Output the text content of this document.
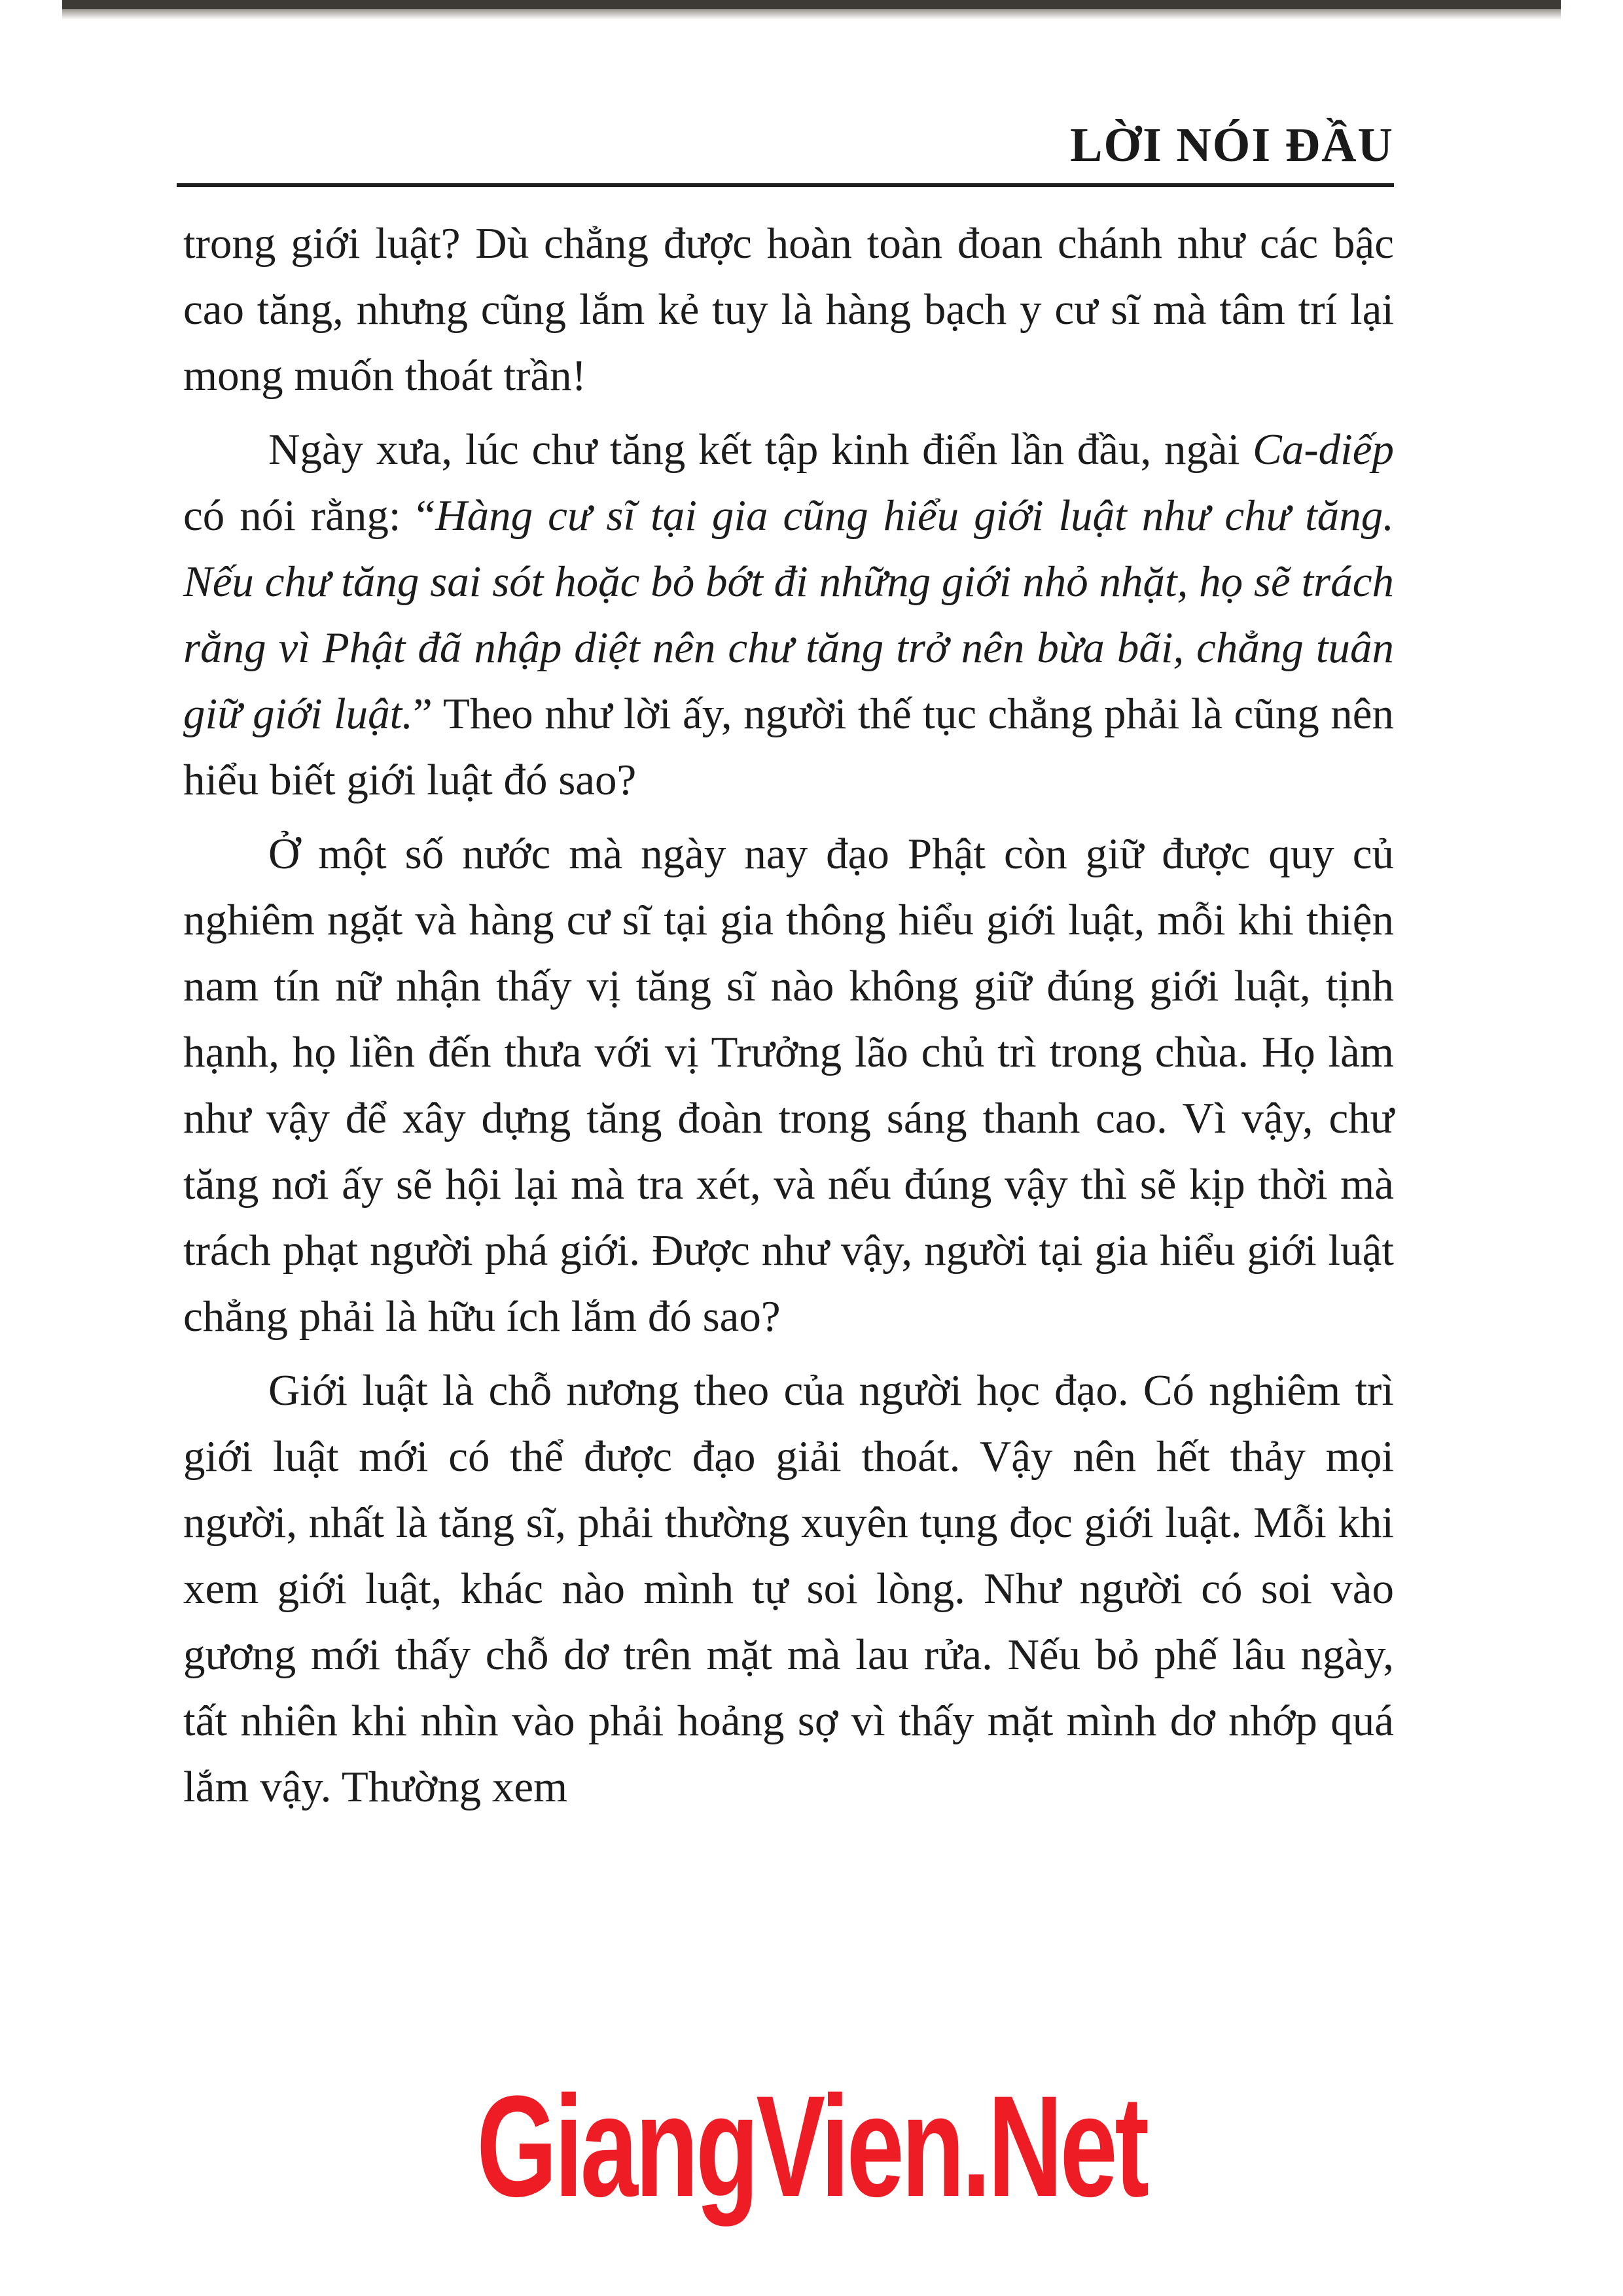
LỜI NÓI ĐẦU

trong giới luật? Dù chẳng được hoàn toàn đoan chánh như các bậc cao tăng, nhưng cũng lắm kẻ tuy là hàng bạch y cư sĩ mà tâm trí lại mong muốn thoát trần!

Ngày xưa, lúc chư tăng kết tập kinh điển lần đầu, ngài Ca-diếp có nói rằng: “Hàng cư sĩ tại gia cũng hiểu giới luật như chư tăng. Nếu chư tăng sai sót hoặc bỏ bớt đi những giới nhỏ nhặt, họ sẽ trách rằng vì Phật đã nhập diệt nên chư tăng trở nên bừa bãi, chẳng tuân giữ giới luật.” Theo như lời ấy, người thế tục chẳng phải là cũng nên hiểu biết giới luật đó sao?

Ở một số nước mà ngày nay đạo Phật còn giữ được quy củ nghiêm ngặt và hàng cư sĩ tại gia thông hiểu giới luật, mỗi khi thiện nam tín nữ nhận thấy vị tăng sĩ nào không giữ đúng giới luật, tịnh hạnh, họ liền đến thưa với vị Trưởng lão chủ trì trong chùa. Họ làm như vậy để xây dựng tăng đoàn trong sáng thanh cao. Vì vậy, chư tăng nơi ấy sẽ hội lại mà tra xét, và nếu đúng vậy thì sẽ kịp thời mà trách phạt người phá giới. Được như vậy, người tại gia hiểu giới luật chẳng phải là hữu ích lắm đó sao?

Giới luật là chỗ nương theo của người học đạo. Có nghiêm trì giới luật mới có thể được đạo giải thoát. Vậy nên hết thảy mọi người, nhất là tăng sĩ, phải thường xuyên tụng đọc giới luật. Mỗi khi xem giới luật, khác nào mình tự soi lòng. Như người có soi vào gương mới thấy chỗ dơ trên mặt mà lau rửa. Nếu bỏ phế lâu ngày, tất nhiên khi nhìn vào phải hoảng sợ vì thấy mặt mình dơ nhớp quá lắm vậy. Thường xem

GiangVien.Net
